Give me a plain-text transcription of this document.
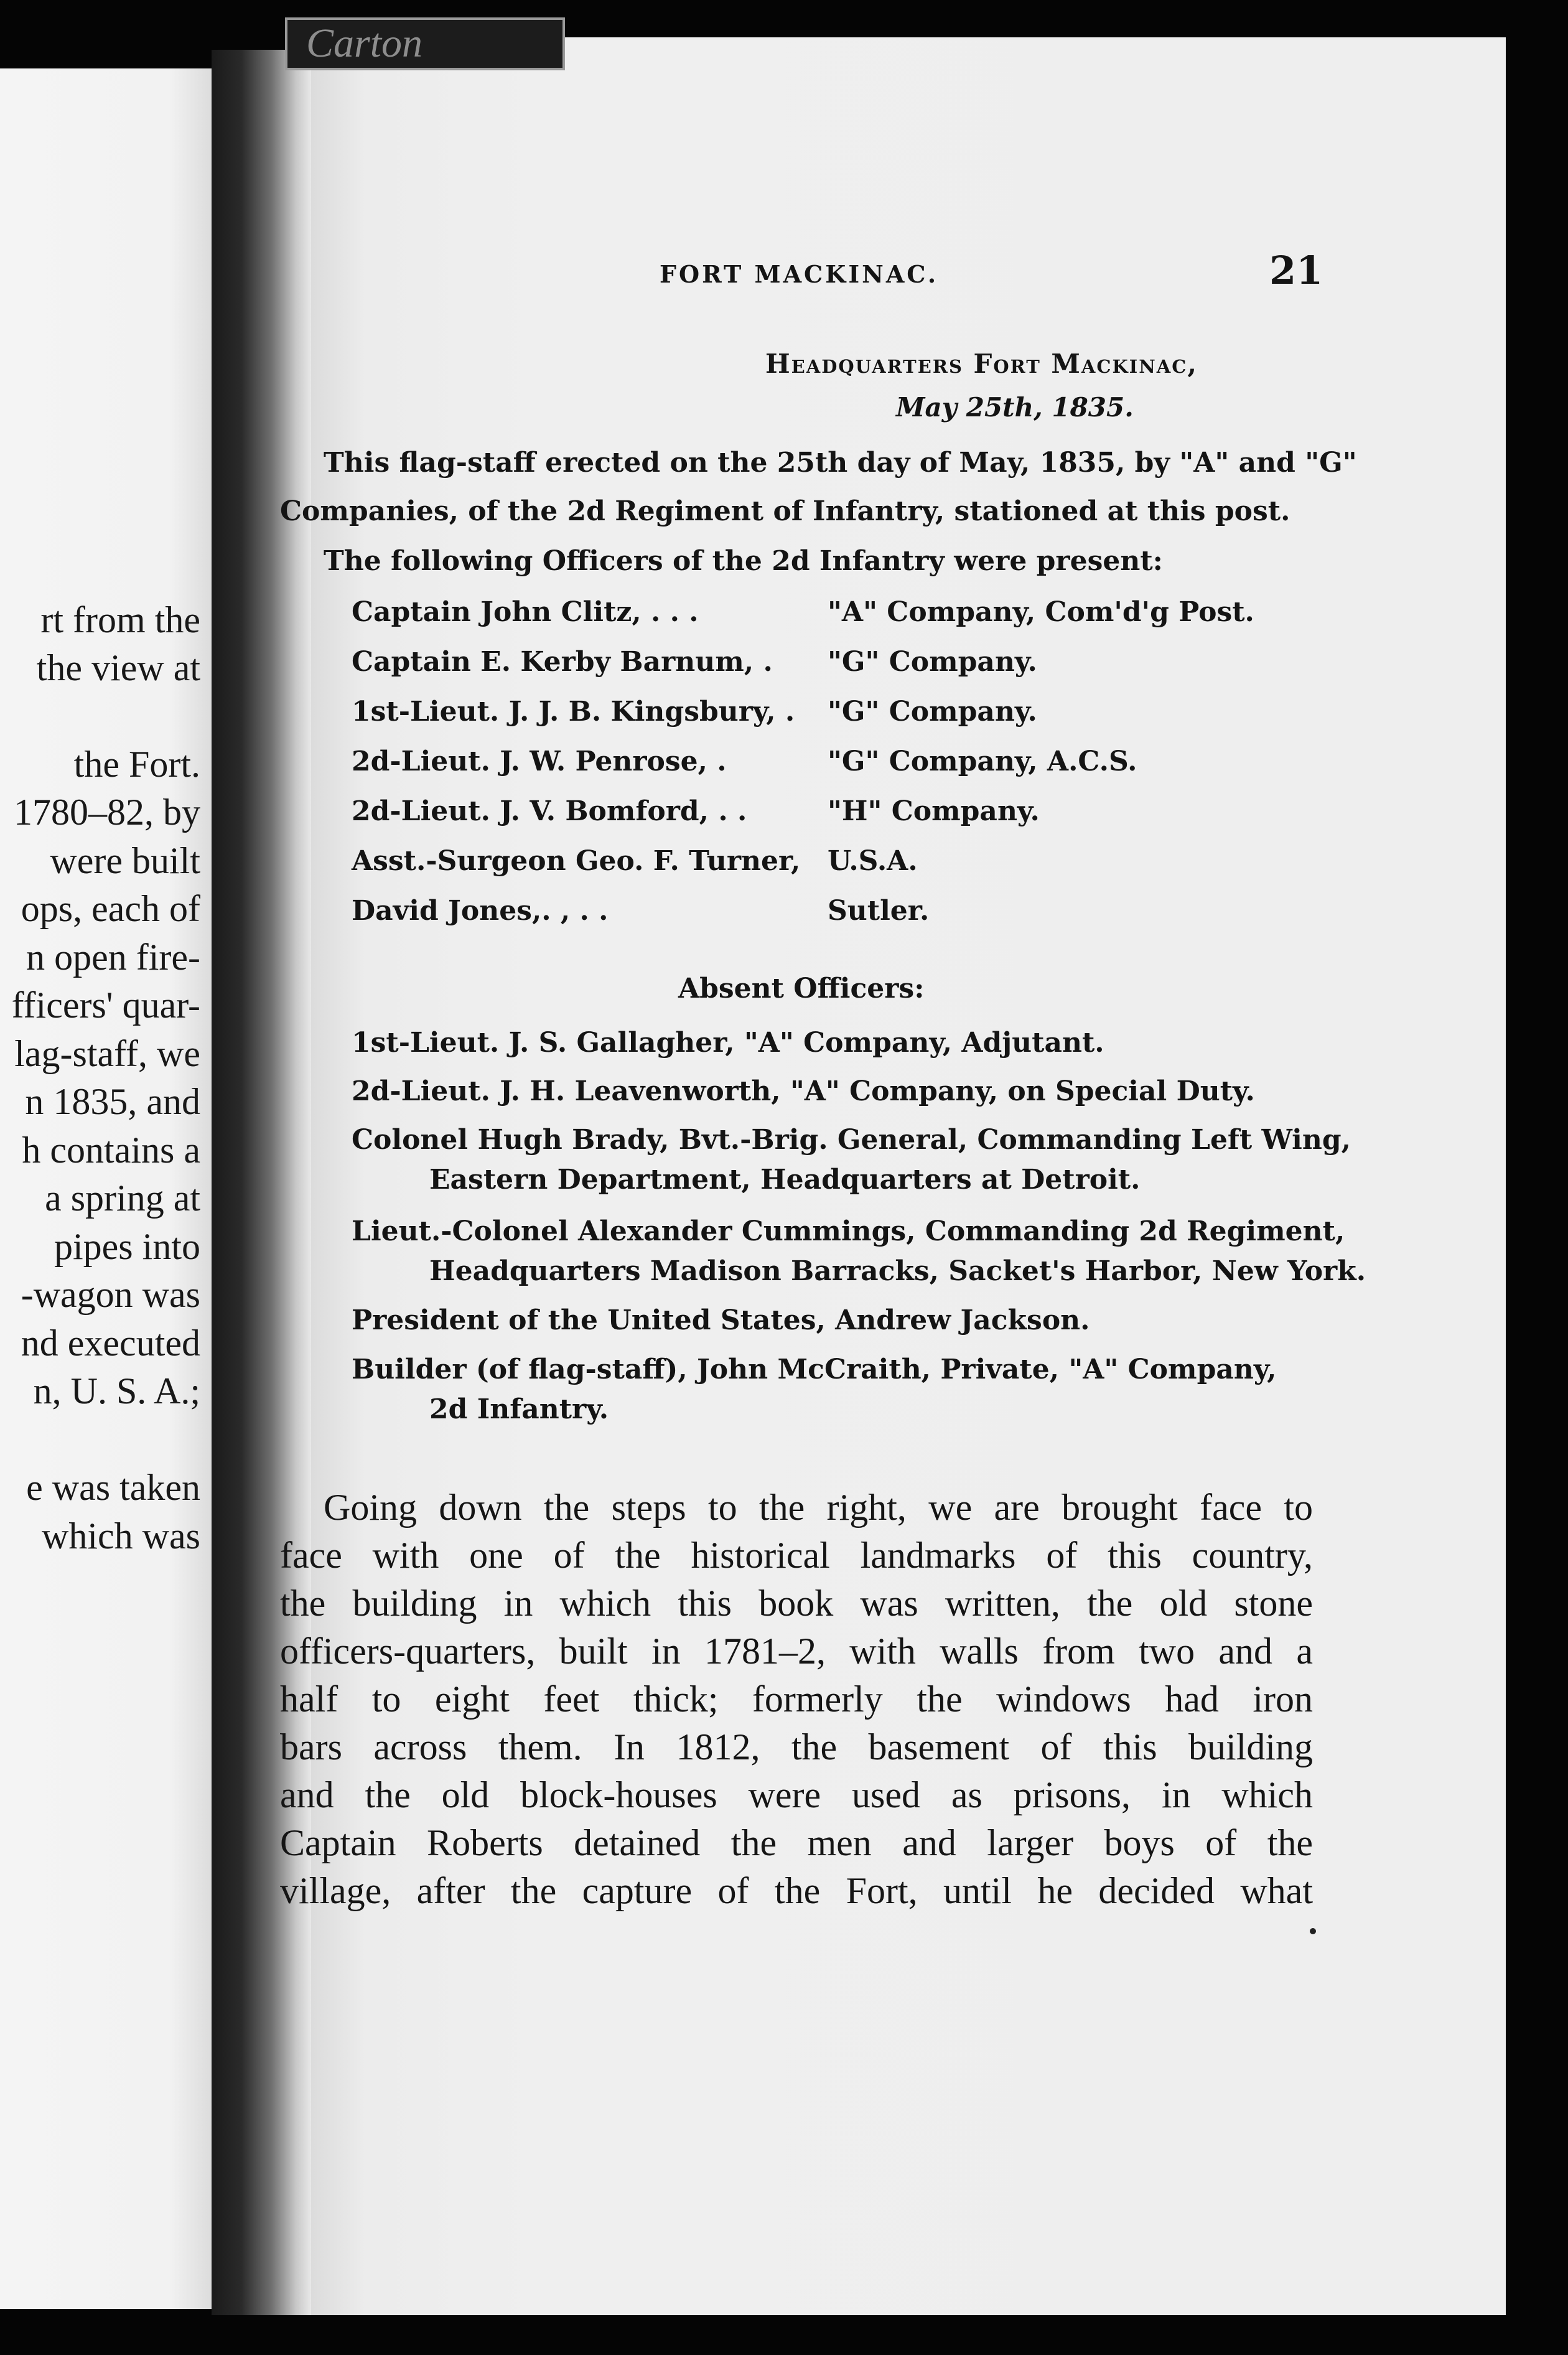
rt from the
the view at
the Fort.
1780–82, by
were built
ops, each of
n open fire-
fficers' quar-
lag-staff, we
n 1835, and
h contains a
a spring at
pipes into
-wagon was
nd executed
n, U. S. A.;
e was taken
which was
Carton
FORT MACKINAC.	21
Headquarters Fort Mackinac,
May 25th, 1835.
This flag-staff erected on the 25th day of May, 1835, by "A" and "G"
Companies, of the 2d Regiment of Infantry, stationed at this post.
The following Officers of the 2d Infantry were present:
Captain John Clitz, . . .	"A" Company, Com'd'g Post.
Captain E. Kerby Barnum, . "G" Company.
1st-Lieut. J. J. B. Kingsbury, . "G" Company.
2d-Lieut. J. W. Penrose, .	"G" Company, A.C.S.
2d-Lieut. J. V. Bomford, . .	"H" Company.
Asst.-Surgeon Geo. F. Turner, U.S.A.
David Jones,. , . .	Sutler.
Absent Officers:
1st-Lieut. J. S. Gallagher, "A" Company, Adjutant.
2d-Lieut. J. H. Leavenworth, "A" Company, on Special Duty.
Colonel Hugh Brady, Bvt.-Brig. General, Commanding Left Wing,
Eastern Department, Headquarters at Detroit.
Lieut.-Colonel Alexander Cummings, Commanding 2d Regiment,
Headquarters Madison Barracks, Sacket's Harbor, New York.
President of the United States, Andrew Jackson.
Builder (of flag-staff), John McCraith, Private, "A" Company,
2d Infantry.
Going down the steps to the right, we are brought face to
face with one of the historical landmarks of this country,
the building in which this book was written, the old stone
officers-quarters, built in 1781–2, with walls from two and a
half to eight feet thick; formerly the windows had iron
bars across them. In 1812, the basement of this building
and the old block-houses were used as prisons, in which
Captain Roberts detained the men and larger boys of the
village, after the capture of the Fort, until he decided what
